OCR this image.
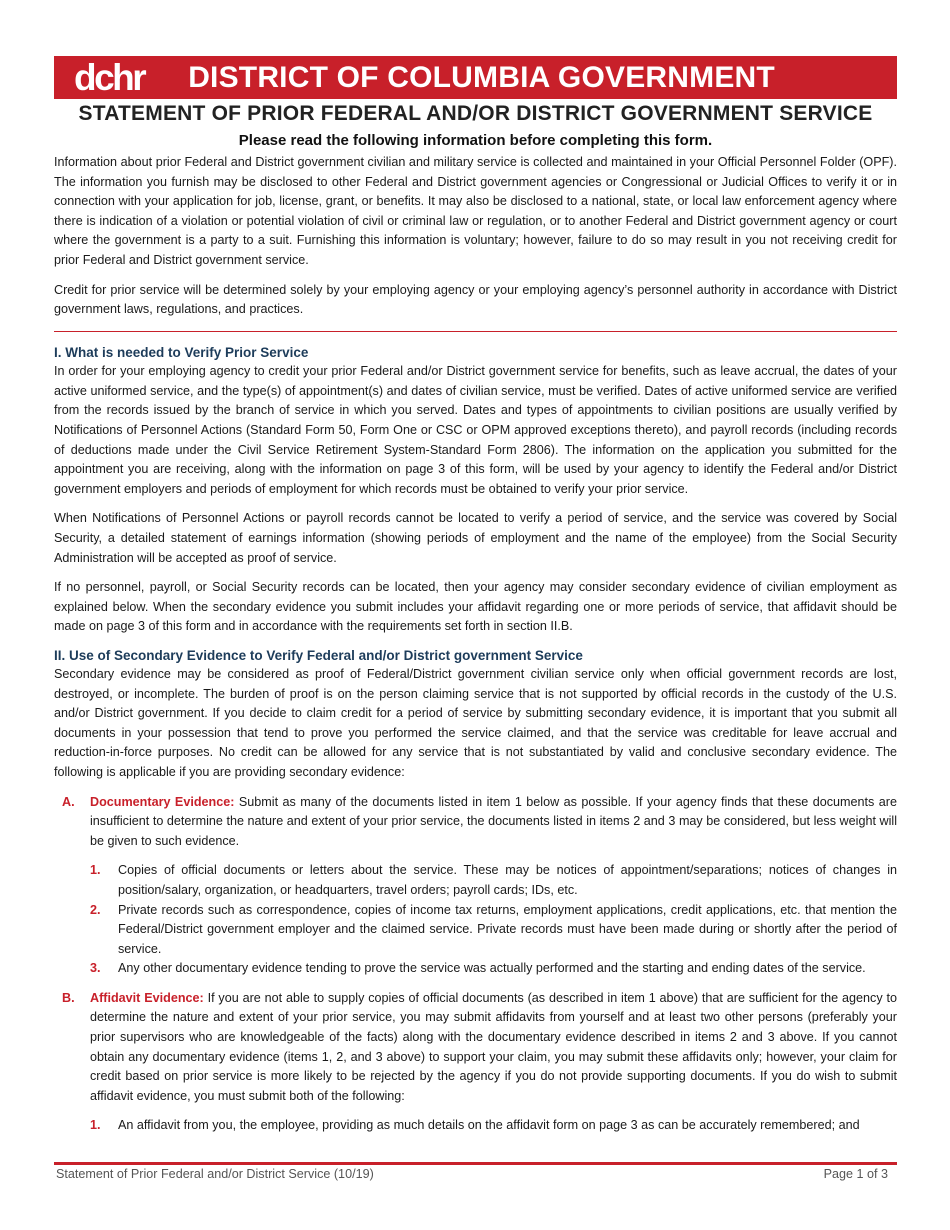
dchr DISTRICT OF COLUMBIA GOVERNMENT
STATEMENT OF PRIOR FEDERAL AND/OR DISTRICT GOVERNMENT SERVICE
Please read the following information before completing this form.

Information about prior Federal and District government civilian and military service is collected and maintained in your Official Personnel Folder (OPF). The information you furnish may be disclosed to other Federal and District government agencies or Congressional or Judicial Offices to verify it or in connection with your application for job, license, grant, or benefits. It may also be disclosed to a national, state, or local law enforcement agency where there is indication of a violation or potential violation of civil or criminal law or regulation, or to another Federal and District government agency or court where the government is a party to a suit. Furnishing this information is voluntary; however, failure to do so may result in you not receiving credit for prior Federal and District government service.

Credit for prior service will be determined solely by your employing agency or your employing agency’s personnel authority in accordance with District government laws, regulations, and practices.

I. What is needed to Verify Prior Service

In order for your employing agency to credit your prior Federal and/or District government service for benefits, such as leave accrual, the dates of your active uniformed service, and the type(s) of appointment(s) and dates of civilian service, must be verified. Dates of active uniformed service are verified from the records issued by the branch of service in which you served. Dates and types of appointments to civilian positions are usually verified by Notifications of Personnel Actions (Standard Form 50, Form One or CSC or OPM approved exceptions thereto), and payroll records (including records of deductions made under the Civil Service Retirement System-Standard Form 2806). The information on the application you submitted for the appointment you are receiving, along with the information on page 3 of this form, will be used by your agency to identify the Federal and/or District government employers and periods of employment for which records must be obtained to verify your prior service.

When Notifications of Personnel Actions or payroll records cannot be located to verify a period of service, and the service was covered by Social Security, a detailed statement of earnings information (showing periods of employment and the name of the employee) from the Social Security Administration will be accepted as proof of service.

If no personnel, payroll, or Social Security records can be located, then your agency may consider secondary evidence of civilian employment as explained below. When the secondary evidence you submit includes your affidavit regarding one or more periods of service, that affidavit should be made on page 3 of this form and in accordance with the requirements set forth in section II.B.

II. Use of Secondary Evidence to Verify Federal and/or District government Service

Secondary evidence may be considered as proof of Federal/District government civilian service only when official government records are lost, destroyed, or incomplete. The burden of proof is on the person claiming service that is not supported by official records in the custody of the U.S. and/or District government. If you decide to claim credit for a period of service by submitting secondary evidence, it is important that you submit all documents in your possession that tend to prove you performed the service claimed, and that the service was creditable for leave accrual and reduction-in-force purposes. No credit can be allowed for any service that is not substantiated by valid and conclusive secondary evidence. The following is applicable if you are providing secondary evidence:

A. Documentary Evidence: Submit as many of the documents listed in item 1 below as possible. If your agency finds that these documents are insufficient to determine the nature and extent of your prior service, the documents listed in items 2 and 3 may be considered, but less weight will be given to such evidence.

1. Copies of official documents or letters about the service. These may be notices of appointment/separations; notices of changes in position/salary, organization, or headquarters, travel orders; payroll cards; IDs, etc.

2. Private records such as correspondence, copies of income tax returns, employment applications, credit applications, etc. that mention the Federal/District government employer and the claimed service. Private records must have been made during or shortly after the period of service.

3. Any other documentary evidence tending to prove the service was actually performed and the starting and ending dates of the service.

B. Affidavit Evidence: If you are not able to supply copies of official documents (as described in item 1 above) that are sufficient for the agency to determine the nature and extent of your prior service, you may submit affidavits from yourself and at least two other persons (preferably your prior supervisors who are knowledgeable of the facts) along with the documentary evidence described in items 2 and 3 above. If you cannot obtain any documentary evidence (items 1, 2, and 3 above) to support your claim, you may submit these affidavits only; however, your claim for credit based on prior service is more likely to be rejected by the agency if you do not provide supporting documents. If you do wish to submit affidavit evidence, you must submit both of the following:

1. An affidavit from you, the employee, providing as much details on the affidavit form on page 3 as can be accurately remembered; and

Statement of Prior Federal and/or District Service (10/19)	Page 1 of 3
